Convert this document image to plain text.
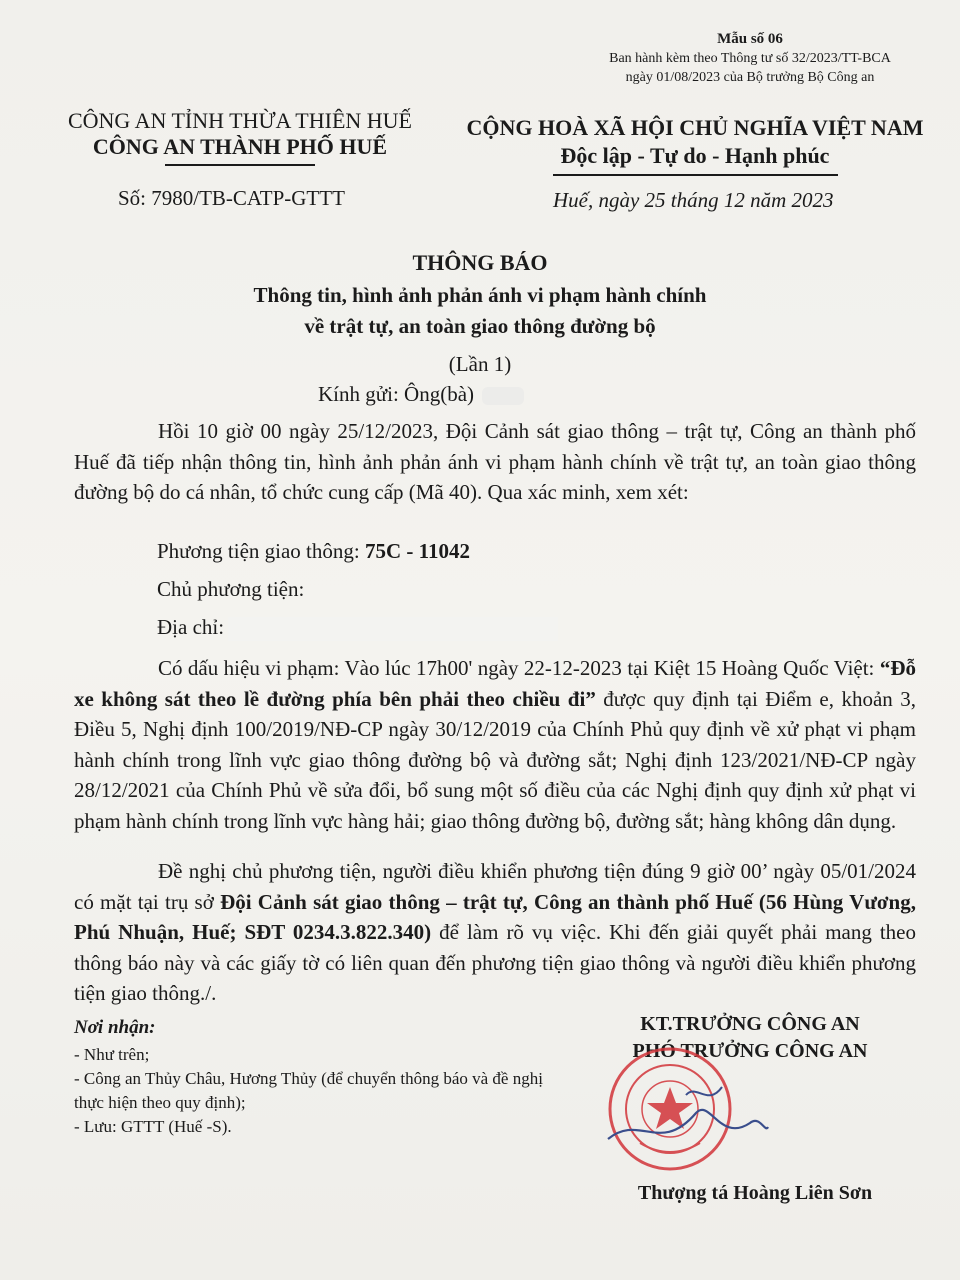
Mẫu số 06
Ban hành kèm theo Thông tư số 32/2023/TT-BCA
ngày 01/08/2023 của Bộ trưởng Bộ Công an
CÔNG AN TỈNH THỪA THIÊN HUẾ
CÔNG AN THÀNH PHỐ HUẾ
CỘNG HOÀ XÃ HỘI CHỦ NGHĨA VIỆT NAM
Độc lập - Tự do - Hạnh phúc
Số: 7980/TB-CATP-GTTT	Huế, ngày 25 tháng 12 năm 2023
THÔNG BÁO
Thông tin, hình ảnh phản ánh vi phạm hành chính
về trật tự, an toàn giao thông đường bộ
(Lần 1)
Kính gửi: Ông(bà)

Hồi 10 giờ 00 ngày 25/12/2023, Đội Cảnh sát giao thông – trật tự, Công an thành phố Huế đã tiếp nhận thông tin, hình ảnh phản ánh vi phạm hành chính về trật tự, an toàn giao thông đường bộ do cá nhân, tổ chức cung cấp (Mã 40). Qua xác minh, xem xét:

Phương tiện giao thông: 75C - 11042
Chủ phương tiện:
Địa chỉ:

Có dấu hiệu vi phạm: Vào lúc 17h00' ngày 22-12-2023 tại Kiệt 15 Hoàng Quốc Việt: “Đỗ xe không sát theo lề đường phía bên phải theo chiều đi” được quy định tại Điểm e, khoản 3, Điều 5, Nghị định 100/2019/NĐ-CP ngày 30/12/2019 của Chính Phủ quy định về xử phạt vi phạm hành chính trong lĩnh vực giao thông đường bộ và đường sắt; Nghị định 123/2021/NĐ-CP ngày 28/12/2021 của Chính Phủ về sửa đổi, bổ sung một số điều của các Nghị định quy định xử phạt vi phạm hành chính trong lĩnh vực hàng hải; giao thông đường bộ, đường sắt; hàng không dân dụng.

Đề nghị chủ phương tiện, người điều khiển phương tiện đúng 9 giờ 00’ ngày 05/01/2024 có mặt tại trụ sở Đội Cảnh sát giao thông – trật tự, Công an thành phố Huế (56 Hùng Vương, Phú Nhuận, Huế; SĐT 0234.3.822.340) để làm rõ vụ việc. Khi đến giải quyết phải mang theo thông báo này và các giấy tờ có liên quan đến phương tiện giao thông và người điều khiển phương tiện giao thông./.

Nơi nhận:
- Như trên;
- Công an Thủy Châu, Hương Thủy (để chuyển thông báo và đề nghị thực hiện theo quy định);
- Lưu: GTTT (Huế -S).
KT.TRƯỞNG CÔNG AN
PHÓ TRƯỞNG CÔNG AN
Thượng tá Hoàng Liên Sơn
